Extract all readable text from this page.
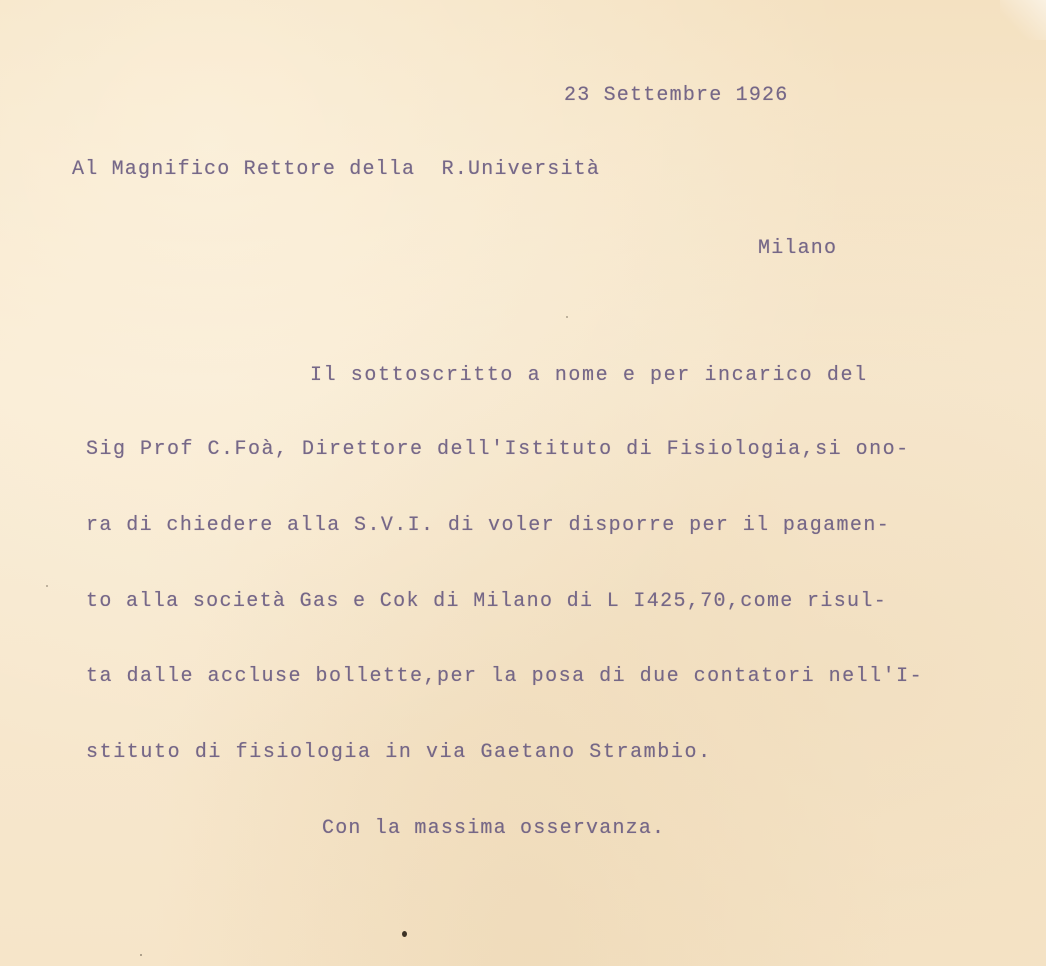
23 Settembre 1926
Al Magnifico Rettore della  R.Università
Milano
Il sottoscritto a nome e per incarico del
Sig Prof C.Foà, Direttore dell'Istituto di Fisiologia,si ono-
ra di chiedere alla S.V.I. di voler disporre per il pagamen-
to alla società Gas e Cok di Milano di L I425,70,come risul-
ta dalle accluse bollette,per la posa di due contatori nell'I-
stituto di fisiologia in via Gaetano Strambio.
Con la massima osservanza.
